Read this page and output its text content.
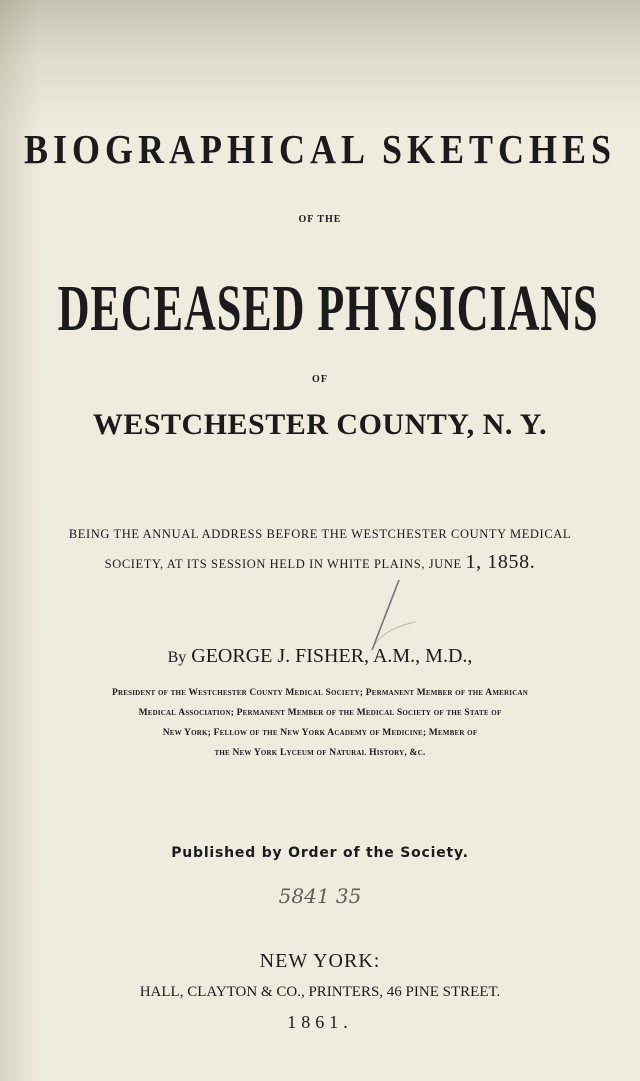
BIOGRAPHICAL SKETCHES
OF THE
DECEASED PHYSICIANS
OF
WESTCHESTER COUNTY, N. Y.
BEING THE ANNUAL ADDRESS BEFORE THE WESTCHESTER COUNTY MEDICAL
SOCIETY, AT ITS SESSION HELD IN WHITE PLAINS, JUNE 1, 1858.
By GEORGE J. FISHER, A.M., M.D.,
President of the Westchester County Medical Society; Permanent Member of the American
Medical Association; Permanent Member of the Medical Society of the State of
New York; Fellow of the New York Academy of Medicine; Member of
the New York Lyceum of Natural History, &c.
Published by Order of the Society.
5841 35
NEW YORK:
HALL, CLAYTON & CO., PRINTERS, 46 PINE STREET.
1861.
